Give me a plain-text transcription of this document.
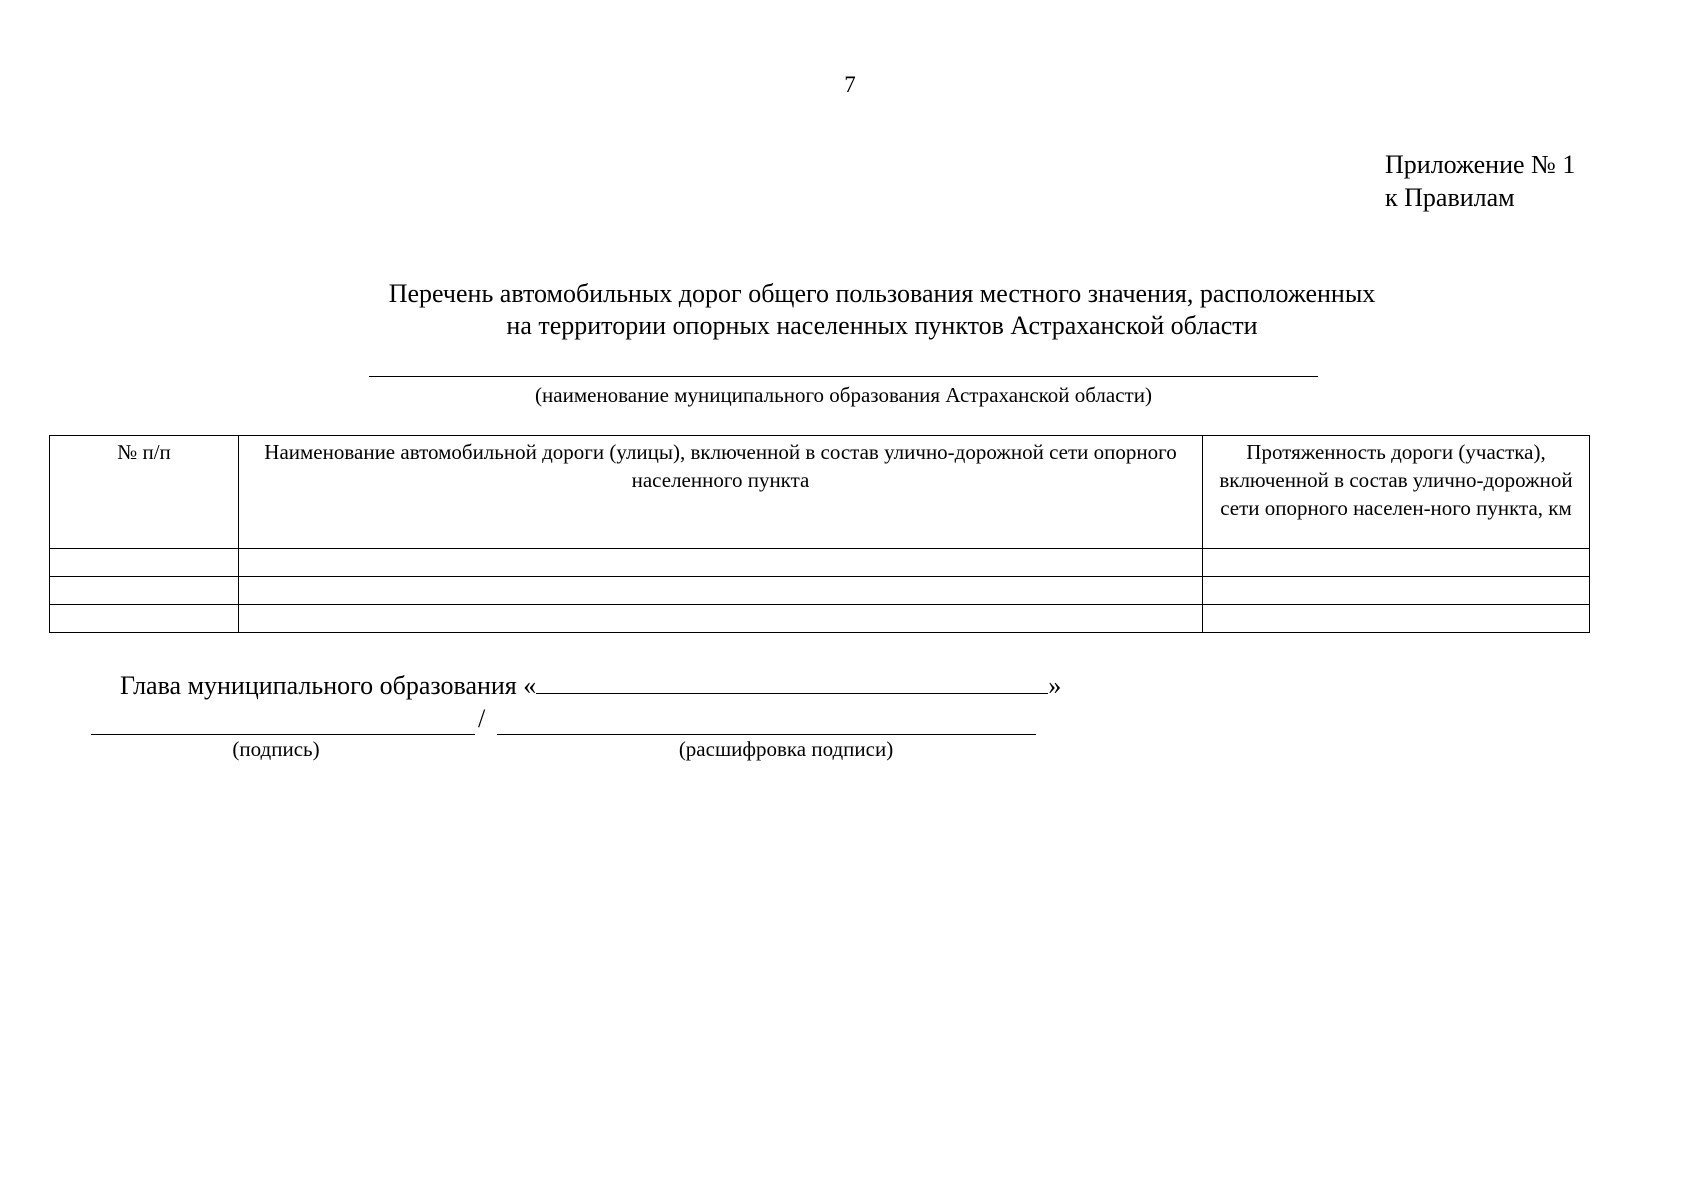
7
Приложение № 1
к Правилам
Перечень автомобильных дорог общего пользования местного значения, расположенных
на территории опорных населенных пунктов Астраханской области
(наименование муниципального образования Астраханской области)
№ п/п	Наименование автомобильной дороги (улицы), включенной в состав улично-дорожной сети опорного населенного пункта	Протяженность дороги (участка), включенной в состав улично-дорожной сети опорного населен-ного пункта, км

Глава муниципального образования «	»
/
(подпись)	(расшифровка подписи)
